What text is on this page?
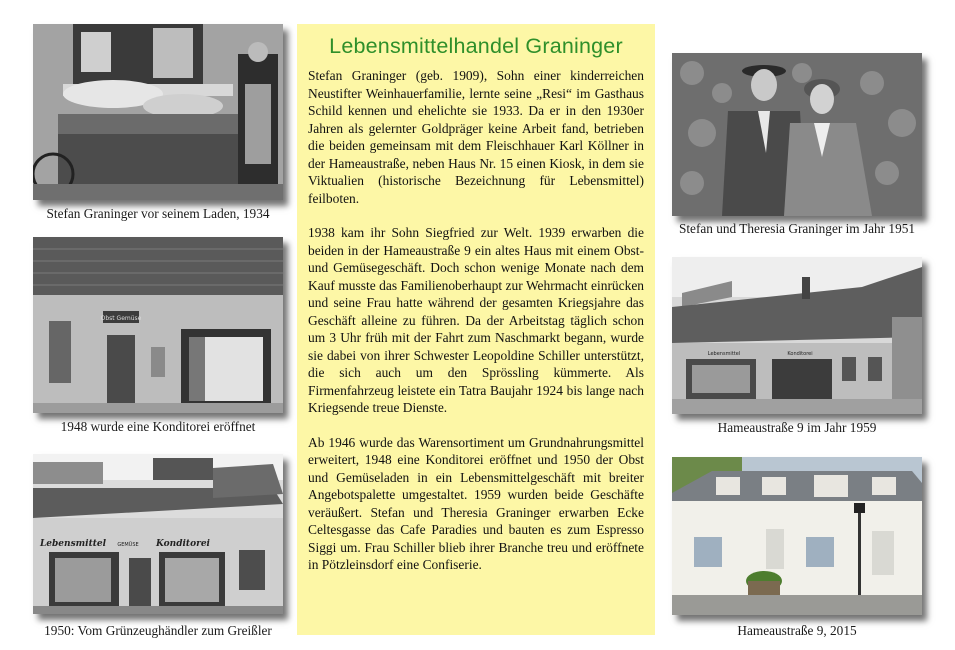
Stefan Graninger vor seinem Laden, 1934
Obst Gemüse
1948 wurde eine Konditorei eröffnet
Lebensmittel GEMÜSE Konditorei
1950: Vom Grünzeughändler zum Greißler
Lebensmittelhandel Graninger

Stefan Graninger (geb. 1909), Sohn einer kinderreichen Neustifter Weinhauerfamilie, lernte seine „Resi“ im Gasthaus Schild kennen und ehelichte sie 1933. Da er in den 1930er Jahren als gelernter Goldpräger keine Arbeit fand, betrieben die beiden gemeinsam mit dem Fleischhauer Karl Köllner in der Hameaustraße, neben Haus Nr. 15 einen Kiosk, in dem sie Viktualien (historische Bezeichnung für Lebensmittel) feilboten.

1938 kam ihr Sohn Siegfried zur Welt. 1939 erwarben die beiden in der Hameaustraße 9 ein altes Haus mit einem Obst- und Gemüsegeschäft. Doch schon wenige Monate nach dem Kauf musste das Familienoberhaupt zur Wehrmacht einrücken und seine Frau hatte während der gesamten Kriegsjahre das Geschäft alleine zu führen. Da der Arbeitstag täglich schon um 3 Uhr früh mit der Fahrt zum Naschmarkt begann, wurde sie dabei von ihrer Schwester Leopoldine Schiller unterstützt, die sich auch um den Sprössling kümmerte. Als Firmenfahrzeug leistete ein Tatra Baujahr 1924 bis lange nach Kriegsende treue Dienste.

Ab 1946 wurde das Warensortiment um Grundnahrungsmittel erweitert, 1948 eine Konditorei eröffnet und 1950 der Obst und Gemüseladen in ein Lebensmittelgeschäft mit breiter Angebotspalette umgestaltet. 1959 wurden beide Geschäfte veräußert. Stefan und Theresia Graninger erwarben Ecke Celtesgasse das Cafe Paradies und bauten es zum Espresso Siggi um. Frau Schiller blieb ihrer Branche treu und eröffnete in Pötzleinsdorf eine Confiserie.

Stefan und Theresia Graninger im Jahr 1951
Lebensmittel	Konditorei
Hameaustraße 9 im Jahr 1959
Hameaustraße 9, 2015
